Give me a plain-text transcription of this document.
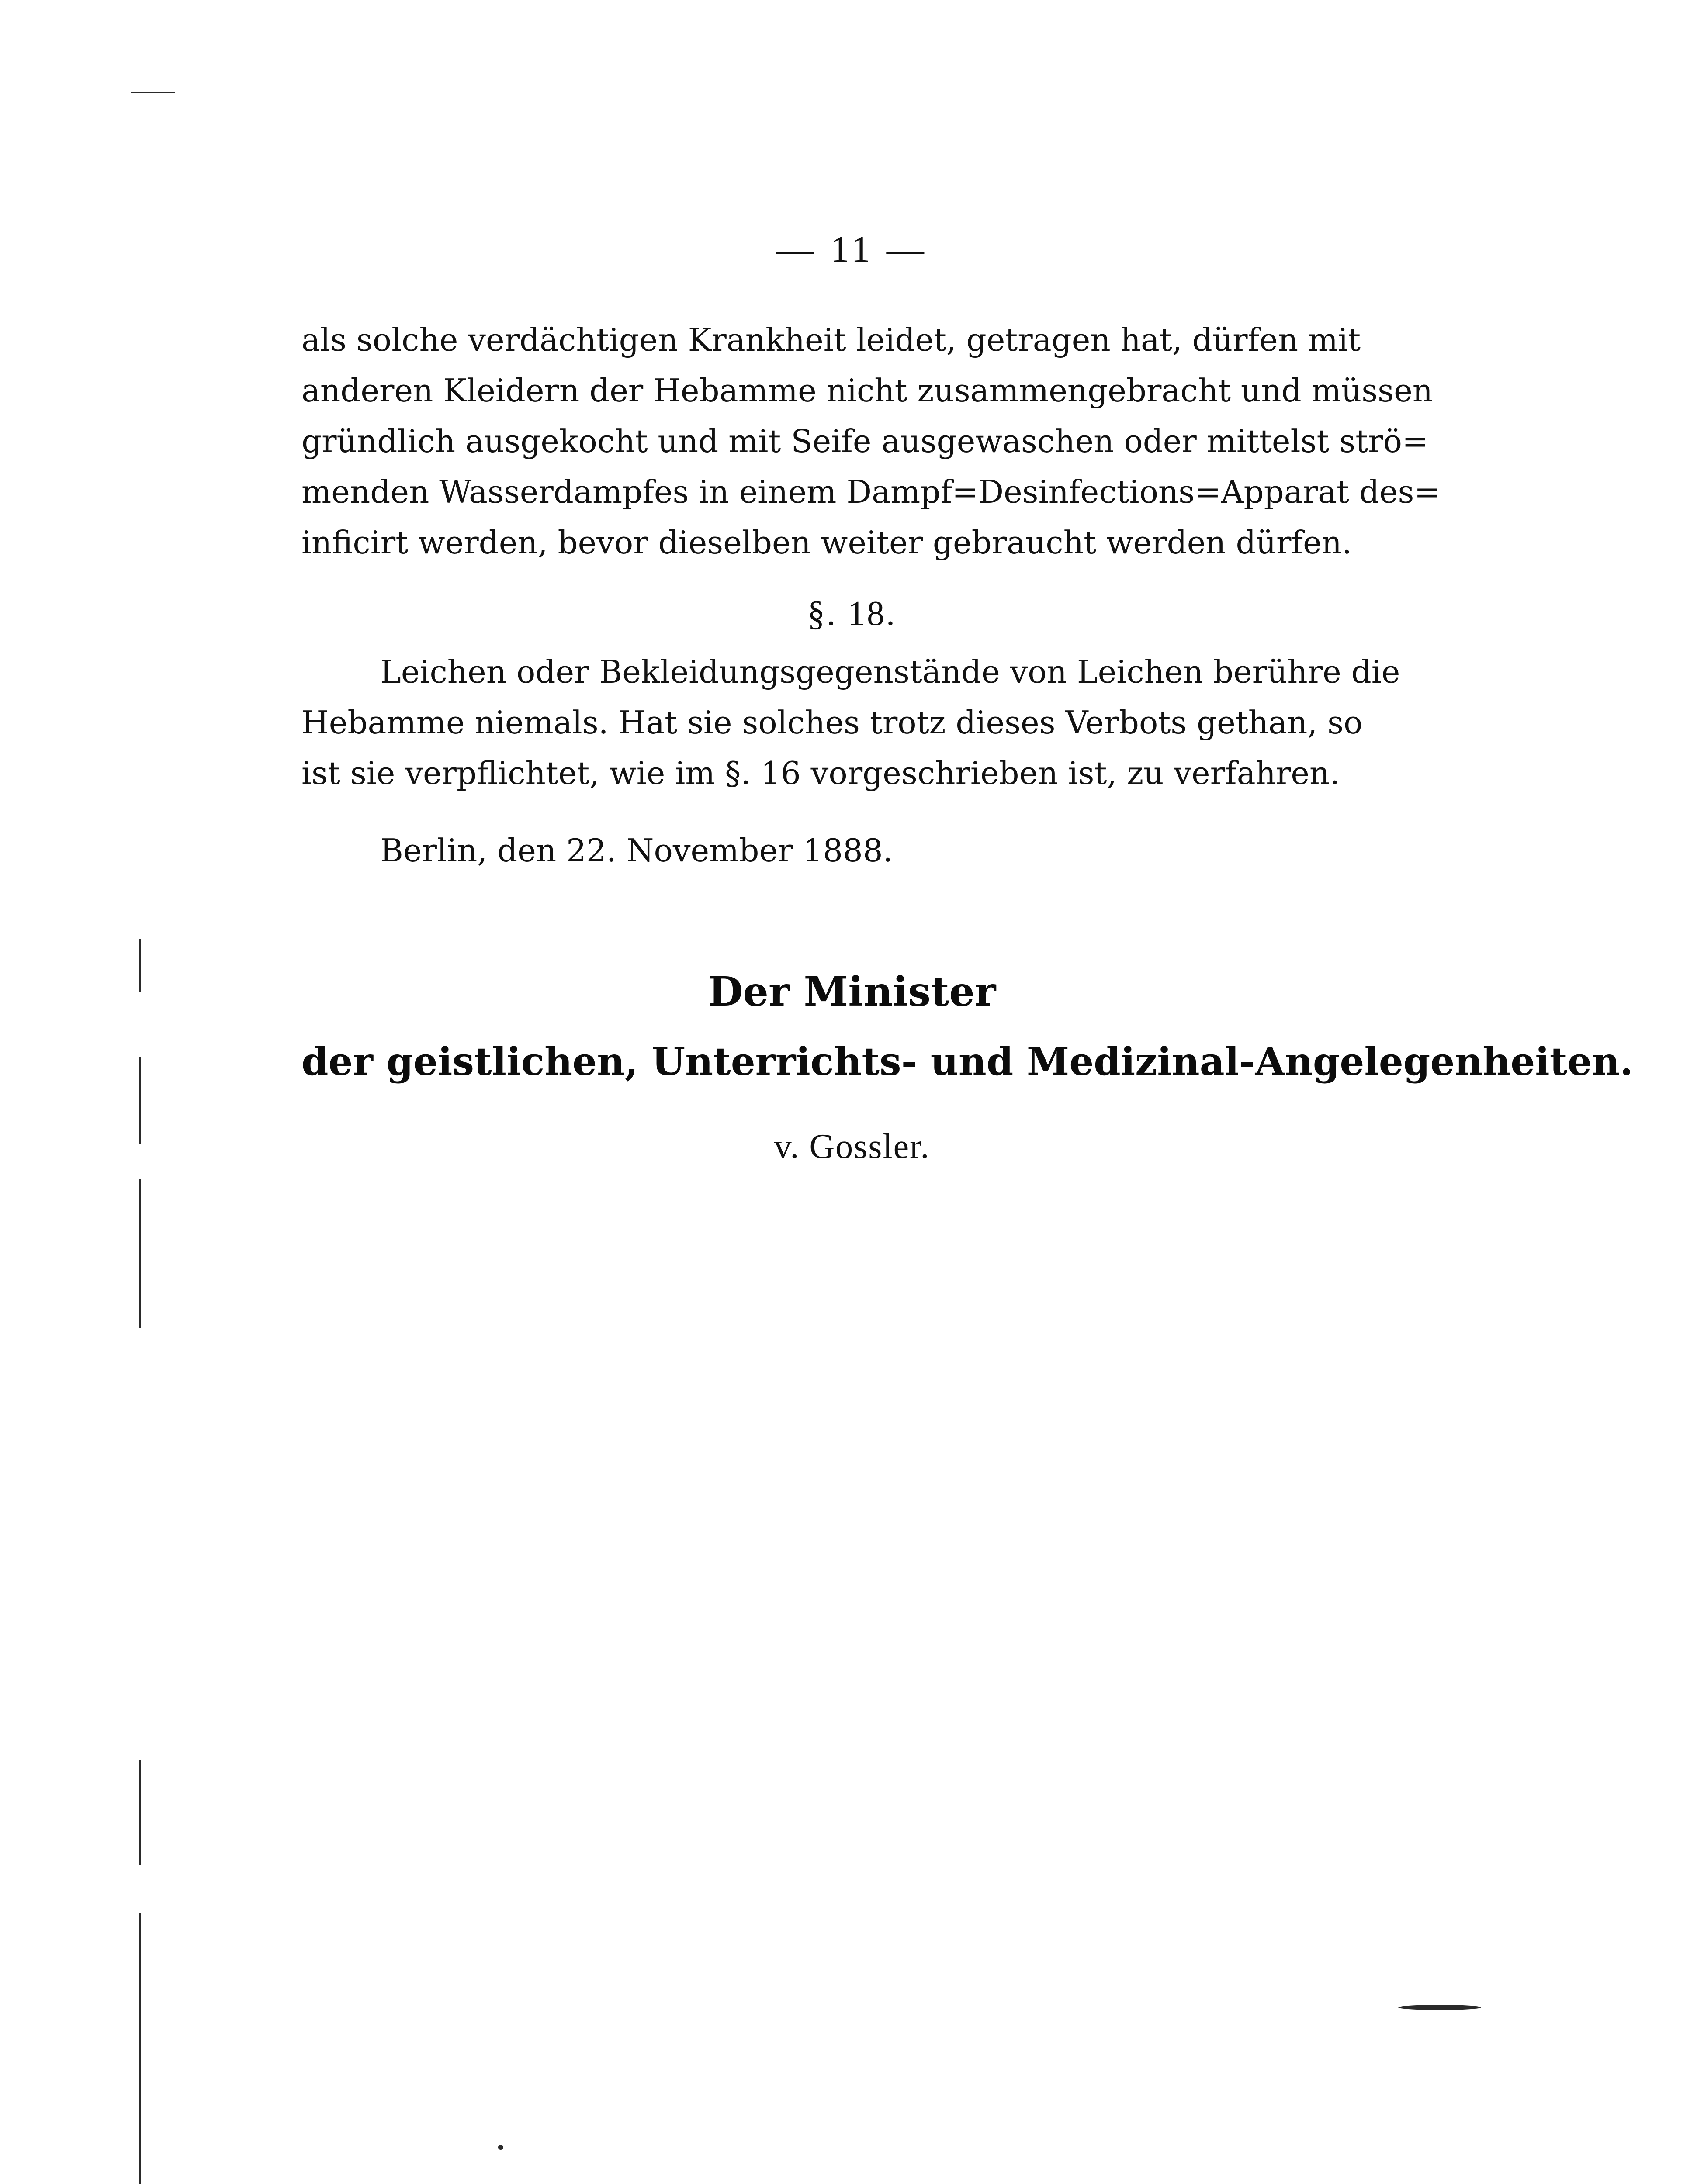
— 11 —
als solche verdächtigen Krankheit leidet, getragen hat, dürfen mit
anderen Kleidern der Hebamme nicht zusammengebracht und müssen
gründlich ausgekocht und mit Seife ausgewaschen oder mittelst strö=
menden Wasserdampfes in einem Dampf=Desinfections=Apparat des=
inficirt werden, bevor dieselben weiter gebraucht werden dürfen.
§. 18.
Leichen oder Bekleidungsgegenstände von Leichen berühre die
Hebamme niemals. Hat sie solches trotz dieses Verbots gethan, so
ist sie verpflichtet, wie im §. 16 vorgeschrieben ist, zu verfahren.
Berlin, den 22. November 1888.
Der Minister
der geistlichen, Unterrichts- und Medizinal-Angelegenheiten.
v. Gossler.
